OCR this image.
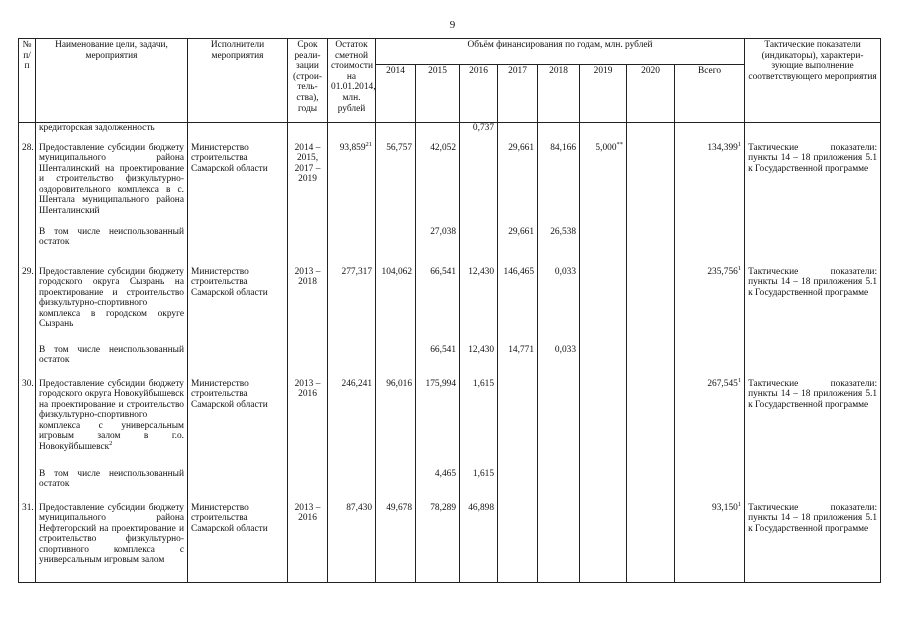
9
№ п/п	Наименование цели, задачи, мероприятия	Исполнители мероприятия	Срок реали-зации (строи-тель-ства), годы	Остаток сметной стоимости на 01.01.2014, млн. рублей	Объём финансирования по годам, млн. рублей								Тактические показатели (индикаторы), характери-зующие выполнение соответствующего мероприятия
					2014	2015	2016	2017	2018	2019	2020	Всего	
	кредиторская задолженность						0,737						
28.	Предоставление субсидии бюджету муниципального района Шенталинский на проектирование и строительство физкультурно-оздоровительного комплекса в с. Шентала муниципального района Шенталинский	Министерство строительства Самарской области	2014 – 2015, 2017 – 2019	93,859$^{21}$	56,757	42,052		29,661	84,166	5,000**		134,399$^1$	Тактические показатели: пункты 14 – 18 приложения 5.1 к Государственной программе
	В том числе неиспользованный остаток					27,038		29,661	26,538				
29.	Предоставление субсидии бюджету городского округа Сызрань на проектирование и строительство физкультурно-спортивного комплекса в городском округе Сызрань	Министерство строительства Самарской области	2013 – 2018	277,317	104,062	66,541	12,430	146,465	0,033			235,756$^1$	Тактические показатели: пункты 14 – 18 приложения 5.1 к Государственной программе
	В том числе неиспользованный остаток					66,541	12,430	14,771	0,033				
30.	Предоставление субсидии бюджету городского округа Новокуйбышевск на проектирование и строительство физкультурно-спортивного комплекса с универсальным игровым залом в г.о. Новокуйбышевск$^2$	Министерство строительства Самарской области	2013 – 2016	246,241	96,016	175,994	1,615					267,545$^1$	Тактические показатели: пункты 14 – 18 приложения 5.1 к Государственной программе
	В том числе неиспользованный остаток					4,465	1,615						
31.	Предоставление субсидии бюджету муниципального района Нефтегорский на проектирование и строительство физкультурно-спортивного комплекса с универсальным игровым залом	Министерство строительства Самарской области	2013 – 2016	87,430	49,678	78,289	46,898					93,150$^1$	Тактические показатели: пункты 14 – 18 приложения 5.1 к Государственной программе
